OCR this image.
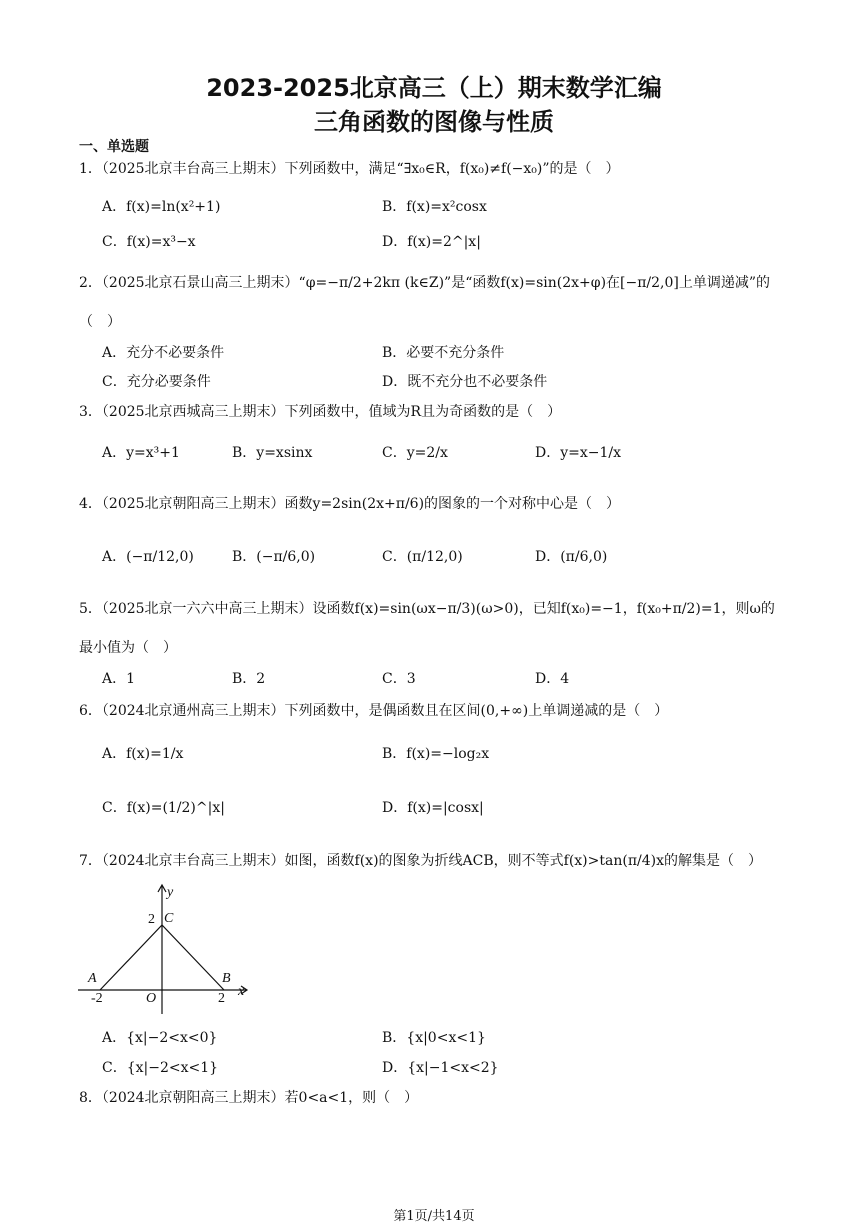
2023-2025北京高三（上）期末数学汇编
三角函数的图像与性质
一、单选题
1．（2025北京丰台高三上期末）下列函数中，满足“∃x₀∈R，f(x₀)≠f(−x₀)”的是（　）
A．f(x)=ln(x²+1)	B．f(x)=x²cosx
C．f(x)=x³−x	D．f(x)=2^|x|
2．（2025北京石景山高三上期末）“φ=−π/2+2kπ (k∈Z)”是“函数f(x)=sin(2x+φ)在[−π/2,0]上单调递减”的
（　）
A．充分不必要条件	B．必要不充分条件
C．充分必要条件	D．既不充分也不必要条件
3．（2025北京西城高三上期末）下列函数中，值域为R且为奇函数的是（　）
A．y=x³+1	B．y=xsinx	C．y=2/x	D．y=x−1/x
4．（2025北京朝阳高三上期末）函数y=2sin(2x+π/6)的图象的一个对称中心是（　）
A．(−π/12,0)	B．(−π/6,0)	C．(π/12,0)	D．(π/6,0)
5．（2025北京一六六中高三上期末）设函数f(x)=sin(ωx−π/3)(ω>0)，已知f(x₀)=−1，f(x₀+π/2)=1，则ω的
最小值为（　）
A．1	B．2	C．3	D．4
6．（2024北京通州高三上期末）下列函数中，是偶函数且在区间(0,+∞)上单调递减的是（　）
A．f(x)=1/x	B．f(x)=−log₂x
C．f(x)=(1/2)^|x|	D．f(x)=|cosx|
7．（2024北京丰台高三上期末）如图，函数f(x)的图象为折线ACB，则不等式f(x)>tan(π/4)x的解集是（　）
y
x
C
A	B
O
2
-2	2
A．{x|−2<x<0}	B．{x|0<x<1}
C．{x|−2<x<1}	D．{x|−1<x<2}
8．（2024北京朝阳高三上期末）若0<a<1，则（　）
第1页/共14页
